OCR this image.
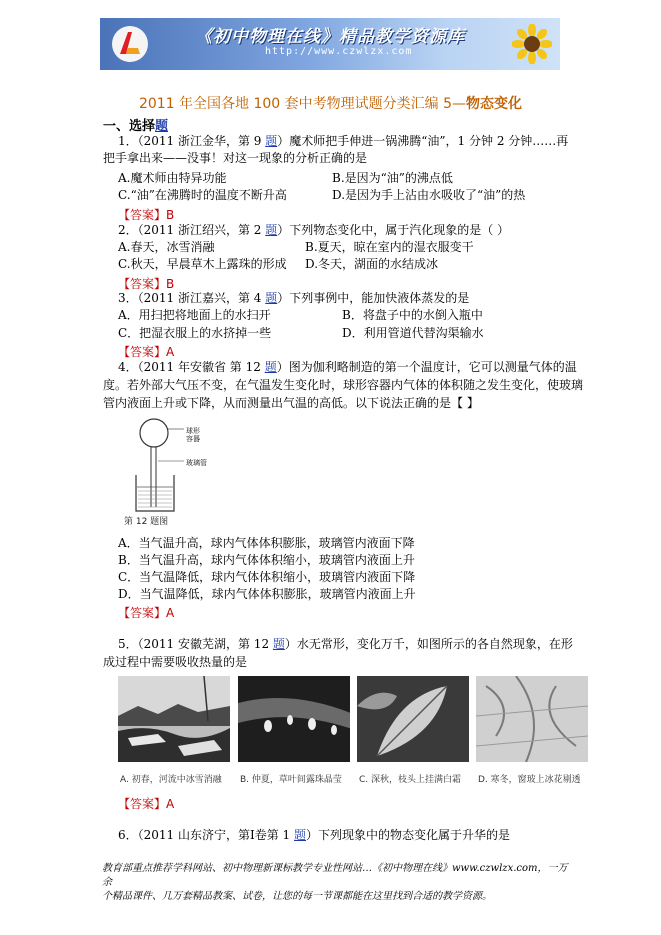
《初中物理在线》精品教学资源库
http://www.czwlzx.com
2011 年全国各地 100 套中考物理试题分类汇编 5—物态变化
一、选择题
1．（2011 浙江金华，第 9 题）魔术师把手伸进一锅沸腾“油”，1 分钟 2 分钟……再
把手拿出来——没事！对这一现象的分析正确的是
A.魔术师由特异功能	B.是因为“油”的沸点低
C.“油”在沸腾时的温度不断升高	D.是因为手上沾由水吸收了“油”的热
【答案】B
2．（2011 浙江绍兴，第 2 题）下列物态变化中，属于汽化现象的是（ ）
A.春天，冰雪消融	B.夏天，晾在室内的湿衣服变干
C.秋天，早晨草木上露珠的形成 D.冬天，湖面的水结成冰
【答案】B
3．（2011 浙江嘉兴，第 4 题）下列事例中，能加快液体蒸发的是
A．用扫把将地面上的水扫开	B．将盘子中的水倒入瓶中
C．把湿衣服上的水挤掉一些	D．利用管道代替沟渠输水
【答案】A
4．（2011 年安徽省 第 12 题）图为伽利略制造的第一个温度计，它可以测量气体的温
度。若外部大气压不变，在气温发生变化时，球形容器内气体的体积随之发生变化，使玻璃
管内液面上升或下降，从而测量出气温的高低。以下说法正确的是【 】
球形
容器
玻璃管
第 12 题图
A．当气温升高，球内气体体积膨胀，玻璃管内液面下降
B．当气温升高，球内气体体积缩小，玻璃管内液面上升
C．当气温降低，球内气体体积缩小，玻璃管内液面下降
D．当气温降低，球内气体体积膨胀，玻璃管内液面上升
【答案】A
5．（2011 安徽芜湖，第 12 题）水无常形，变化万千，如图所示的各自然现象，在形
成过程中需要吸收热量的是
A. 初春，河流中冰雪消融 B. 仲夏，草叶间露珠晶莹 C. 深秋，枝头上挂满白霜 D. 寒冬，窗玻上冰花剔透
【答案】A
6．（2011 山东济宁，第Ⅰ卷第 1 题）下列现象中的物态变化属于升华的是
教育部重点推荐学科网站、初中物理新课标教学专业性网站…《初中物理在线》www.czwlzx.com，一万余
个精品课件、几万套精品教案、试卷，让您的每一节课都能在这里找到合适的教学资源。
